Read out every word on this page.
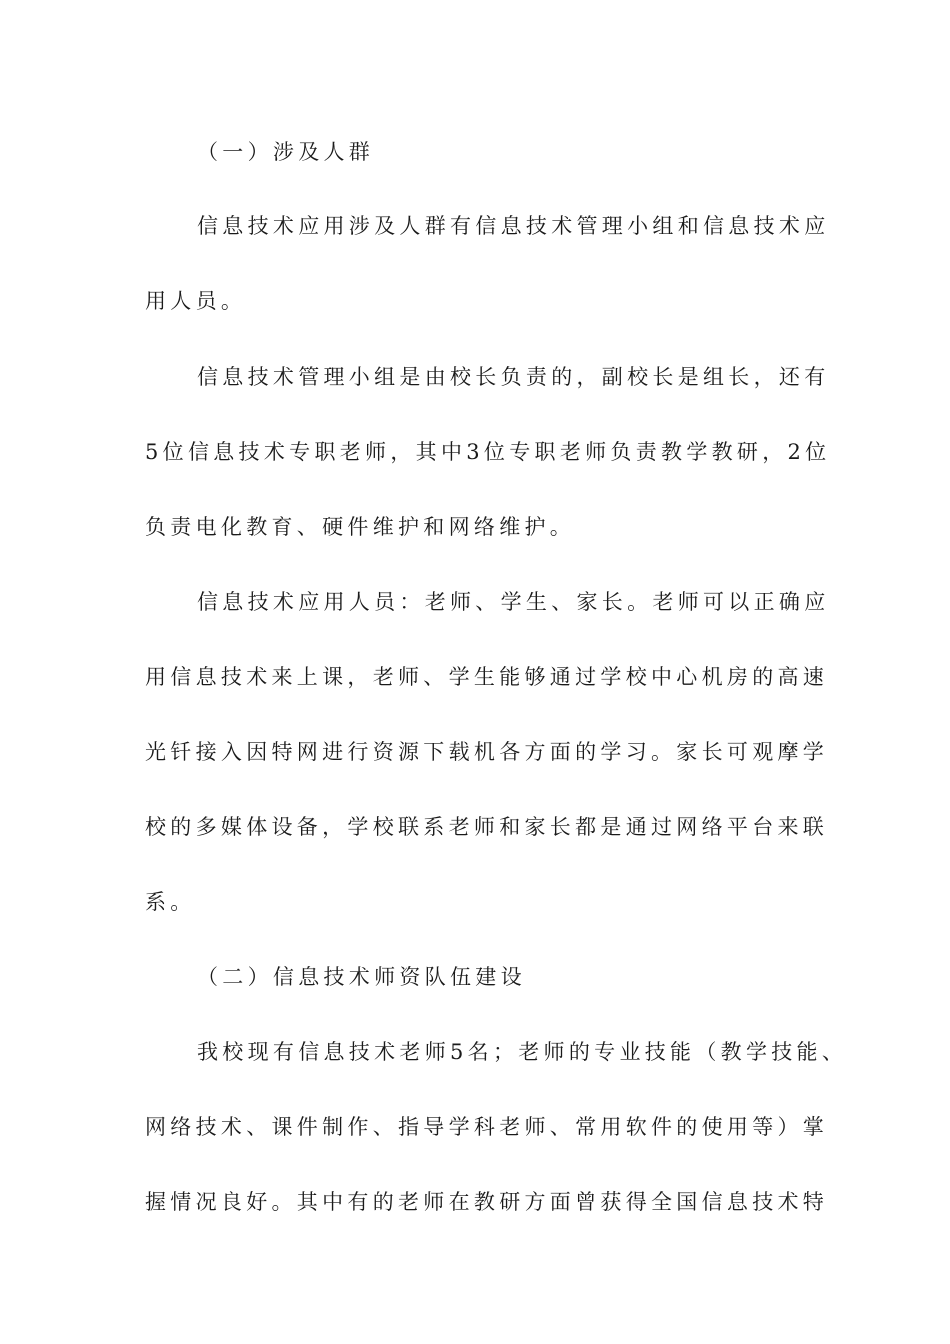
（一）涉及人群
信息技术应用涉及人群有信息技术管理小组和信息技术应
用人员。
信息技术管理小组是由校长负责的，副校长是组长，还有
5位信息技术专职老师，其中3位专职老师负责教学教研，2位
负责电化教育、硬件维护和网络维护。
信息技术应用人员：老师、学生、家长。老师可以正确应
用信息技术来上课，老师、学生能够通过学校中心机房的高速
光钎接入因特网进行资源下载机各方面的学习。家长可观摩学
校的多媒体设备，学校联系老师和家长都是通过网络平台来联
系。
（二）信息技术师资队伍建设
我校现有信息技术老师5名；老师的专业技能（教学技能、
网络技术、课件制作、指导学科老师、常用软件的使用等）掌
握情况良好。其中有的老师在教研方面曾获得全国信息技术特
